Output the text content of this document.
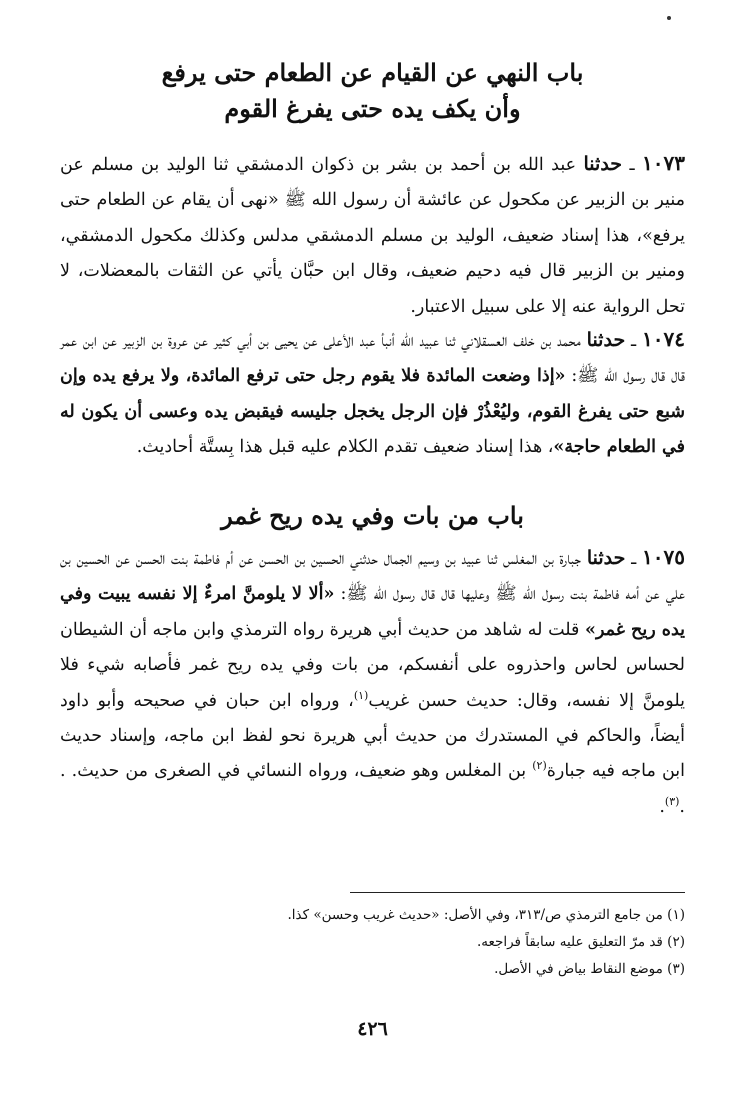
باب النهي عن القيام عن الطعام حتى يرفع

وأن يكف يده حتى يفرغ القوم

١٠٧٣ ـ حدثنا عبد الله بن أحمد بن بشر بن ذكوان الدمشقي ثنا الوليد بن مسلم عن منير بن الزبير عن مكحول عن عائشة أن رسول الله ﷺ «نهى أن يقام عن الطعام حتى يرفع»، هذا إسناد ضعيف، الوليد بن مسلم الدمشقي مدلس وكذلك مكحول الدمشقي، ومنير بن الزبير قال فيه دحيم ضعيف، وقال ابن حبَّان يأتي عن الثقات بالمعضلات، لا تحل الرواية عنه إلا على سبيل الاعتبار.

١٠٧٤ ـ حدثنا محمد بن خلف العسقلاني ثنا عبيد الله أنبأ عبد الأعلى عن يحيى بن أبي كثير عن عروة بن الزبير عن ابن عمر قال قال رسول الله ﷺ: «إذا وضعت المائدة فلا يقوم رجل حتى ترفع المائدة، ولا يرفع يده وإن شبع حتى يفرغ القوم، وليُعْذُرْ فإن الرجل يخجل جليسه فيقبض يده وعسى أن يكون له في الطعام حاجة»، هذا إسناد ضعيف تقدم الكلام عليه قبل هذا بِستَّة أحاديث.

باب من بات وفي يده ريح غمر

١٠٧٥ ـ حدثنا جبارة بن المغلس ثنا عبيد بن وسيم الجمال حدثني الحسين بن الحسن عن أم فاطمة بنت الحسن عن الحسين بن علي عن أمه فاطمة بنت رسول الله ﷺ وعليها قال قال رسول الله ﷺ: «ألا لا يلومنَّ امرءٌ إلا نفسه يبيت وفي يده ريح غمر» قلت له شاهد من حديث أبي هريرة رواه الترمذي وابن ماجه أن الشيطان لحساس لحاس واحذروه على أنفسكم، من بات وفي يده ريح غمر فأصابه شيء فلا يلومنَّ إلا نفسه، وقال: حديث حسن غريب$^{(١)}$، ورواه ابن حبان في صحيحه وأبو داود أيضاً، والحاكم في المستدرك من حديث أبي هريرة نحو لفظ ابن ماجه، وإسناد حديث ابن ماجه فيه جبارة$^{(٢)}$ بن المغلس وهو ضعيف، ورواه النسائي في الصغرى من حديث. . .$^{(٣)}$.

(١) من جامع الترمذي ص/٣١٣، وفي الأصل: «حديث غريب وحسن» كذا.
(٢) قد مرّ التعليق عليه سابقاً فراجعه.
(٣) موضع النقاط بياض في الأصل.
٤٢٦
